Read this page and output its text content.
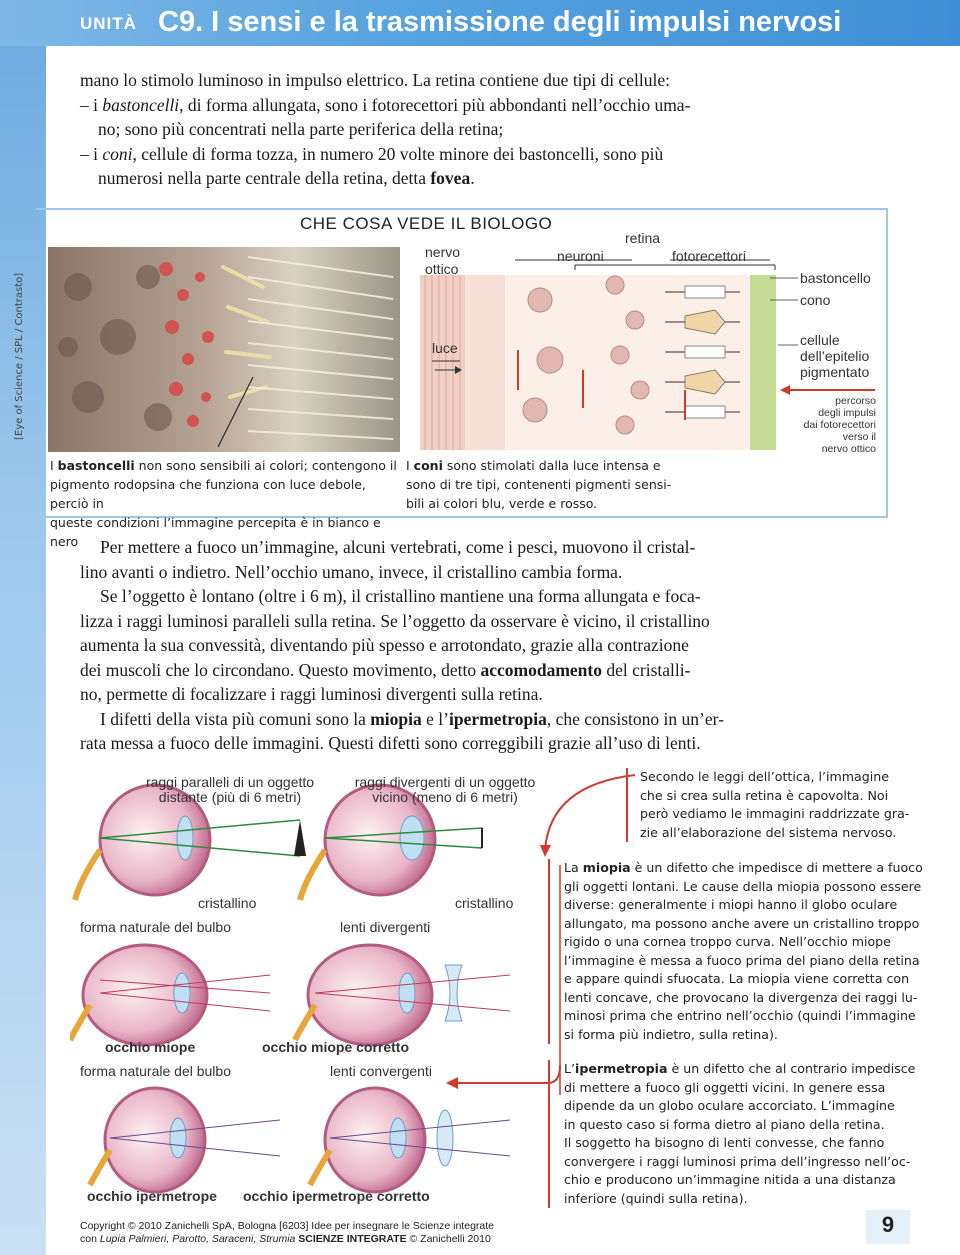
UNITÀ C9. I sensi e la trasmissione degli impulsi nervosi
mano lo stimolo luminoso in impulso elettrico. La retina contiene due tipi di cellule:
– i bastoncelli, di forma allungata, sono i fotorecettori più abbondanti nell’occhio uma-
no; sono più concentrati nella parte periferica della retina;
– i coni, cellule di forma tozza, in numero 20 volte minore dei bastoncelli, sono più
numerosi nella parte centrale della retina, detta fovea.
CHE COSA VEDE IL BIOLOGO
[Eye of Science / SPL / Contrasto]
nervo
ottico
retina
neuroni	fotorecettori
luce
bastoncello
cono
cellule
dell’epitelio
pigmentato
percorso
degli impulsi
dai fotorecettori
verso il
nervo ottico
I bastoncelli non sono sensibili ai colori; contengono il
pigmento rodopsina che funziona con luce debole, perciò in
queste condizioni l’immagine percepita è in bianco e nero
I coni sono stimolati dalla luce intensa e
sono di tre tipi, contenenti pigmenti sensi-
bili ai colori blu, verde e rosso.
Per mettere a fuoco un’immagine, alcuni vertebrati, come i pesci, muovono il cristal-
lino avanti o indietro. Nell’occhio umano, invece, il cristallino cambia forma.
Se l’oggetto è lontano (oltre i 6 m), il cristallino mantiene una forma allungata e foca-
lizza i raggi luminosi paralleli sulla retina. Se l’oggetto da osservare è vicino, il cristallino
aumenta la sua convessità, diventando più spesso e arrotondato, grazie alla contrazione
dei muscoli che lo circondano. Questo movimento, detto accomodamento del cristalli-
no, permette di focalizzare i raggi luminosi divergenti sulla retina.
I difetti della vista più comuni sono la miopia e l’ipermetropia, che consistono in un’er-
rata messa a fuoco delle immagini. Questi difetti sono correggibili grazie all’uso di lenti.
raggi paralleli di un oggetto
distante (più di 6 metri)
raggi divergenti di un oggetto
vicino (meno di 6 metri)
cristallino	cristallino
forma naturale del bulbo	lenti divergenti
occhio miope	occhio miope corretto
forma naturale del bulbo	lenti convergenti
occhio ipermetrope occhio ipermetrope corretto
Secondo le leggi dell’ottica, l’immagine
che si crea sulla retina è capovolta. Noi
però vediamo le immagini raddrizzate gra-
zie all’elaborazione del sistema nervoso.
La miopia è un difetto che impedisce di mettere a fuoco
gli oggetti lontani. Le cause della miopia possono essere
diverse: generalmente i miopi hanno il globo oculare
allungato, ma possono anche avere un cristallino troppo
rigido o una cornea troppo curva. Nell’occhio miope
l’immagine è messa a fuoco prima del piano della retina
e appare quindi sfuocata. La miopia viene corretta con
lenti concave, che provocano la divergenza dei raggi lu-
minosi prima che entrino nell’occhio (quindi l’immagine
si forma più indietro, sulla retina).
L’ipermetropia è un difetto che al contrario impedisce
di mettere a fuoco gli oggetti vicini. In genere essa
dipende da un globo oculare accorciato. L’immagine
in questo caso si forma dietro al piano della retina.
Il soggetto ha bisogno di lenti convesse, che fanno
convergere i raggi luminosi prima dell’ingresso nell’oc-
chio e producono un’immagine nitida a una distanza
inferiore (quindi sulla retina).
Copyright © 2010 Zanichelli SpA, Bologna [6203] Idee per insegnare le Scienze integrate
con Lupia Palmieri, Parotto, Saraceni, Strumia SCIENZE INTEGRATE © Zanichelli 2010
9
